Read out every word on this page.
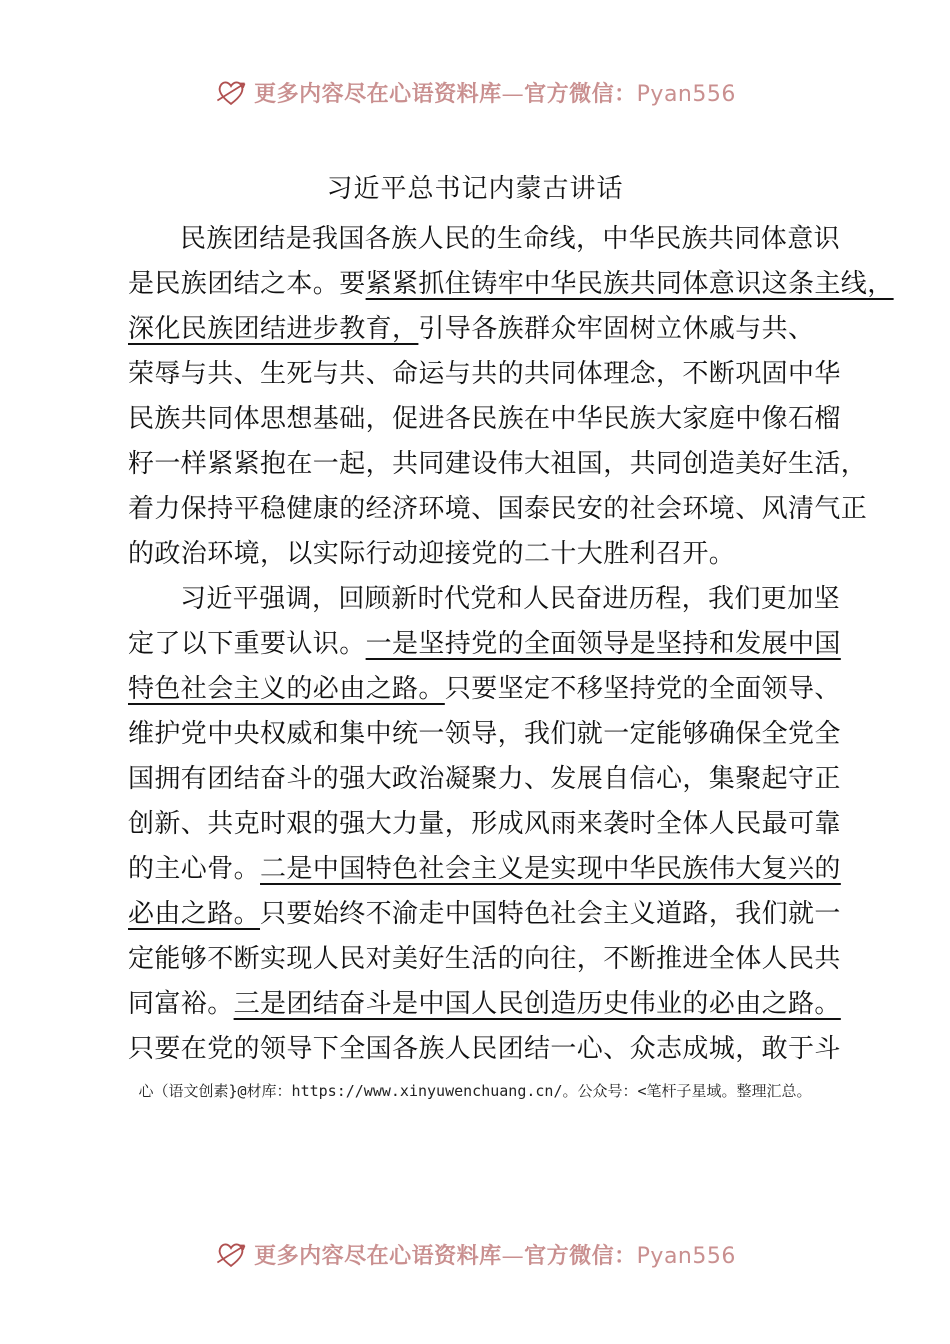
更多内容尽在心语资料库—官方微信：Pyan556
习近平总书记内蒙古讲话
民族团结是我国各族人民的生命线，中华民族共同体意识
是民族团结之本。要紧紧抓住铸牢中华民族共同体意识这条主线，
深化民族团结进步教育，引导各族群众牢固树立休戚与共、
荣辱与共、生死与共、命运与共的共同体理念，不断巩固中华
民族共同体思想基础，促进各民族在中华民族大家庭中像石榴
籽一样紧紧抱在一起，共同建设伟大祖国，共同创造美好生活，
着力保持平稳健康的经济环境、国泰民安的社会环境、风清气正
的政治环境，以实际行动迎接党的二十大胜利召开。
习近平强调，回顾新时代党和人民奋进历程，我们更加坚
定了以下重要认识。一是坚持党的全面领导是坚持和发展中国
特色社会主义的必由之路。只要坚定不移坚持党的全面领导、
维护党中央权威和集中统一领导，我们就一定能够确保全党全
国拥有团结奋斗的强大政治凝聚力、发展自信心，集聚起守正
创新、共克时艰的强大力量，形成风雨来袭时全体人民最可靠
的主心骨。二是中国特色社会主义是实现中华民族伟大复兴的
必由之路。只要始终不渝走中国特色社会主义道路，我们就一
定能够不断实现人民对美好生活的向往，不断推进全体人民共
同富裕。三是团结奋斗是中国人民创造历史伟业的必由之路。
只要在党的领导下全国各族人民团结一心、众志成城，敢于斗
心（语文创素}@材库：https://www.xinyuwenchuang.cn/。公众号：<笔杆子星域。整理汇总。
更多内容尽在心语资料库—官方微信：Pyan556
